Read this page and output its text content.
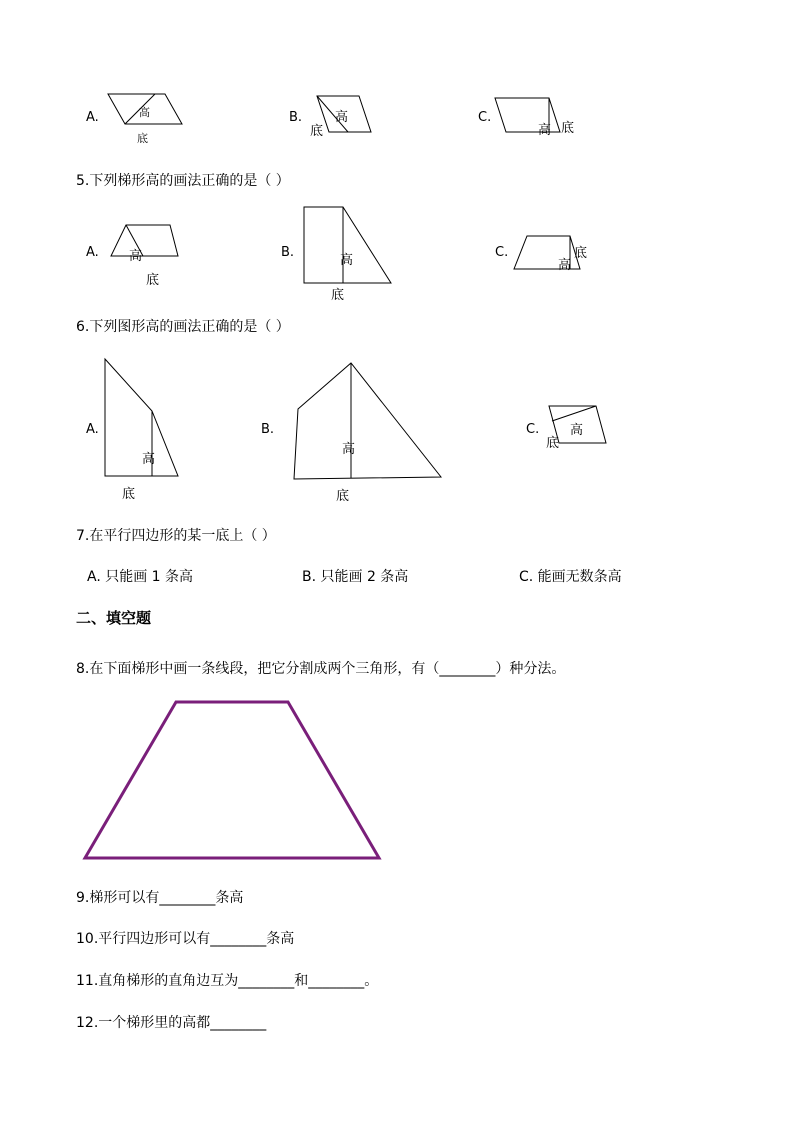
A.	高
底
B.	高
底
C.
高 底
5.下列梯形高的画法正确的是（ ）
A. 高
底
B.
高
底
C.
高
底
6.下列图形高的画法正确的是（ ）
A.
高
底
B.
高
底
C. 高
底
7.在平行四边形的某一底上（ ）
A. 只能画 1 条高	B. 只能画 2 条高	C. 能画无数条高
二、填空题
8.在下面梯形中画一条线段，把它分割成两个三角形，有（________）种分法。
9.梯形可以有________条高
10.平行四边形可以有________条高
11.直角梯形的直角边互为________和________。
12.一个梯形里的高都________
